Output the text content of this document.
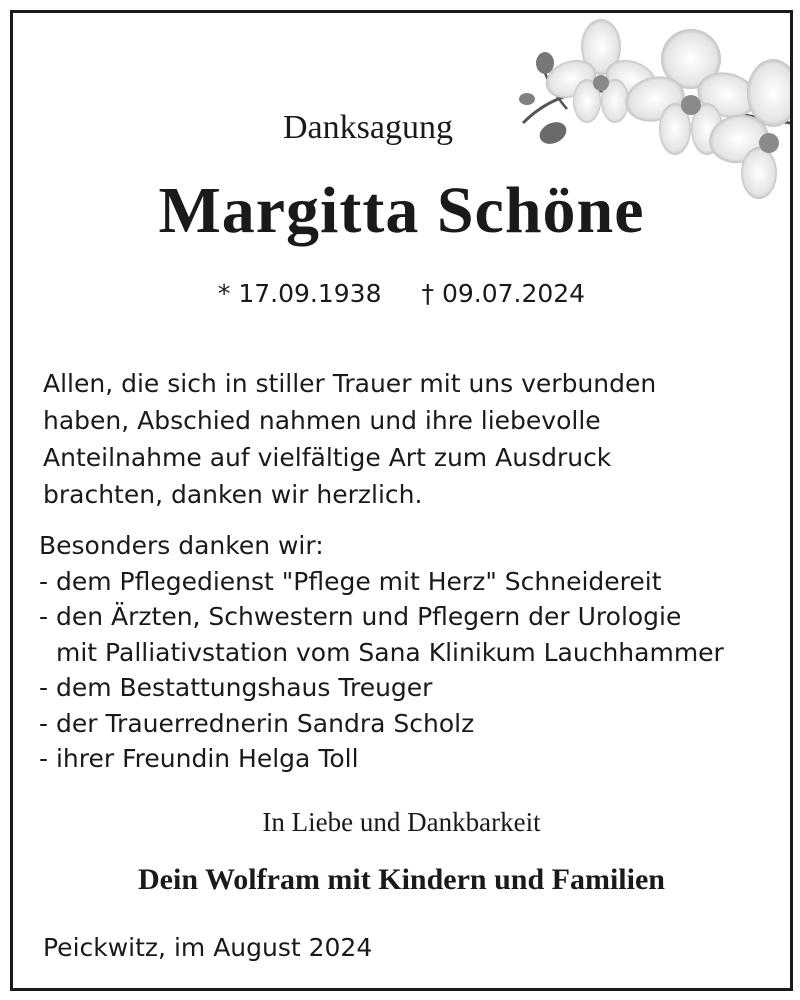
Danksagung
Margitta Schöne
* 17.09.1938 † 09.07.2024

Allen, die sich in stiller Trauer mit uns verbunden

haben, Abschied nahmen und ihre liebevolle

Anteilnahme auf vielfältige Art zum Ausdruck

brachten, danken wir herzlich.

Besonders danken wir:
- dem Pflegedienst "Pflege mit Herz" Schneidereit
- den Ärzten, Schwestern und Pflegern der Urologie
mit Palliativstation vom Sana Klinikum Lauchhammer
- dem Bestattungshaus Treuger
- der Trauerrednerin Sandra Scholz
- ihrer Freundin Helga Toll
In Liebe und Dankbarkeit
Dein Wolfram mit Kindern und Familien
Peickwitz, im August 2024
